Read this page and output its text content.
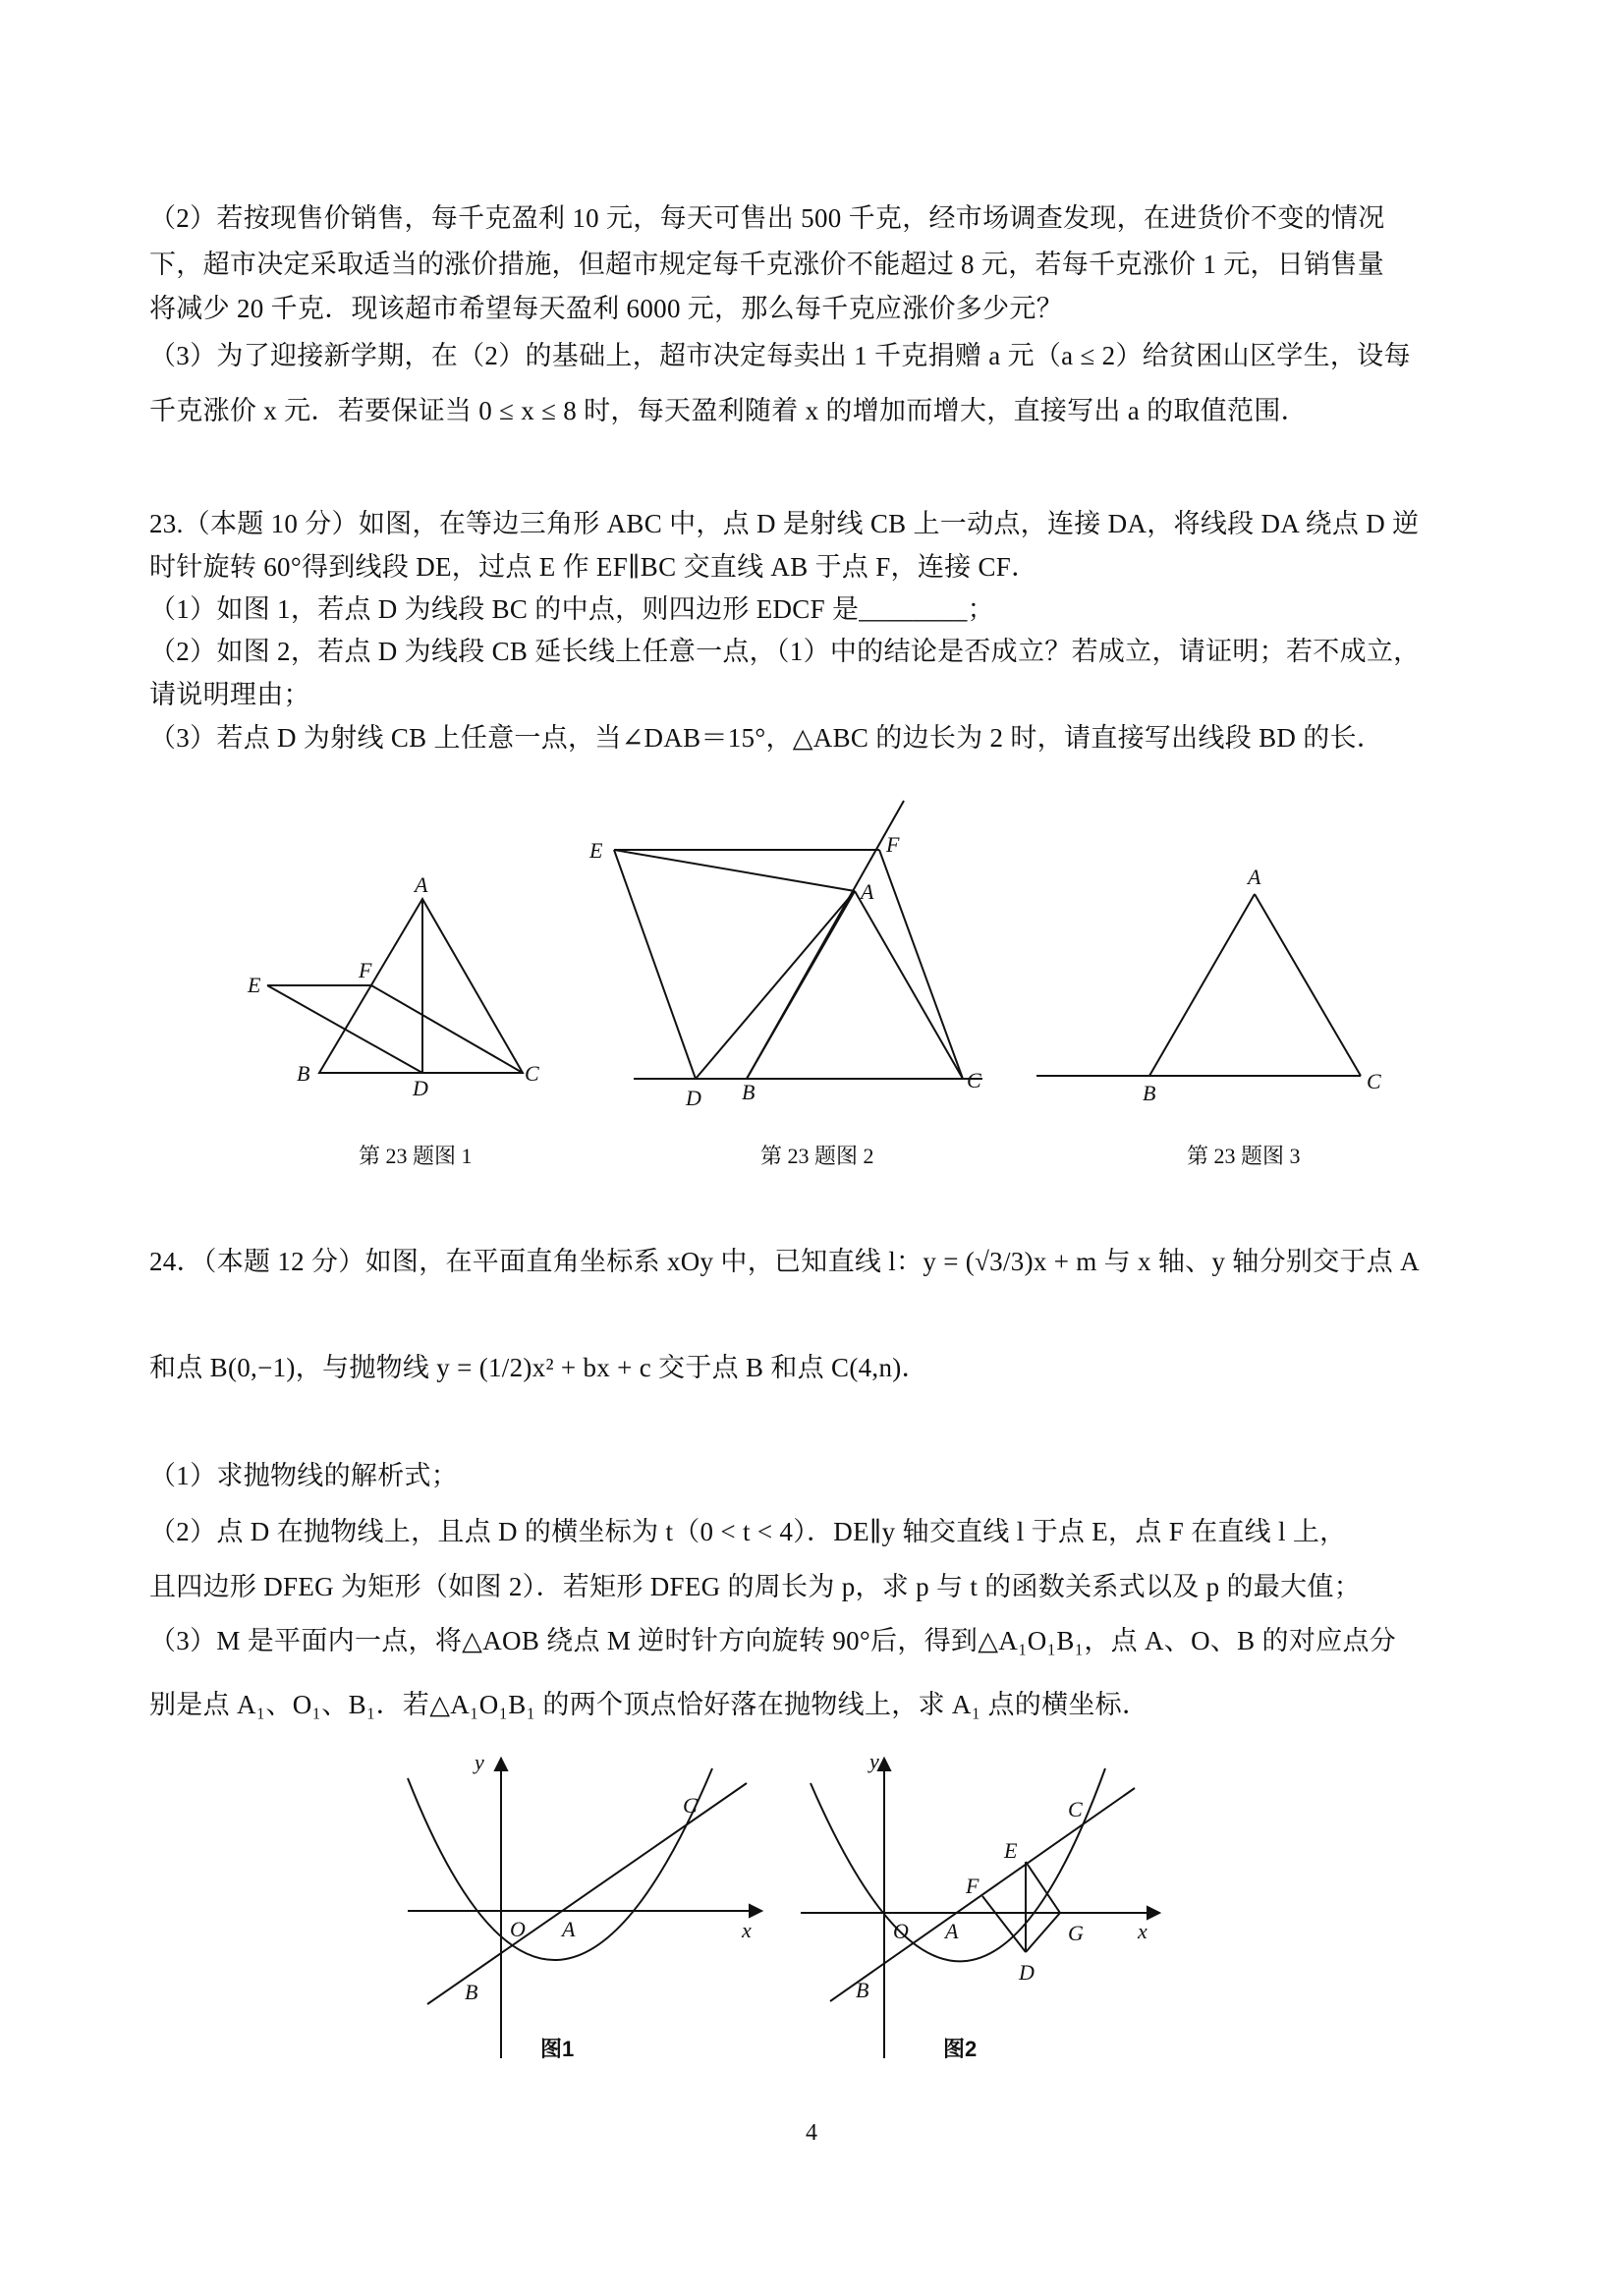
（2）若按现售价销售，每千克盈利 10 元，每天可售出 500 千克，经市场调查发现，在进货价不变的情况
下，超市决定采取适当的涨价措施，但超市规定每千克涨价不能超过 8 元，若每千克涨价 1 元，日销售量
将减少 20 千克．现该超市希望每天盈利 6000 元，那么每千克应涨价多少元？
（3）为了迎接新学期，在（2）的基础上，超市决定每卖出 1 千克捐赠 a 元（a ≤ 2）给贫困山区学生，设每
千克涨价 x 元．若要保证当 0 ≤ x ≤ 8 时，每天盈利随着 x 的增加而增大，直接写出 a 的取值范围．
23.（本题 10 分）如图，在等边三角形 ABC 中，点 D 是射线 CB 上一动点，连接 DA，将线段 DA 绕点 D 逆
时针旋转 60°得到线段 DE，过点 E 作 EF∥BC 交直线 AB 于点 F，连接 CF．
（1）如图 1，若点 D 为线段 BC 的中点，则四边形 EDCF 是________；
（2）如图 2，若点 D 为线段 CB 延长线上任意一点，（1）中的结论是否成立？若成立，请证明；若不成立，
请说明理由；
（3）若点 D 为射线 CB 上任意一点，当∠DAB＝15°，△ABC 的边长为 2 时，请直接写出线段 BD 的长．
A
E
F
B
D
C
第 23 题图 1
E	F
A
D B	C
第 23 题图 2
A
B	C
第 23 题图 3
24．（本题 12 分）如图，在平面直角坐标系 xOy 中，已知直线 l：y = (√3/3)x + m 与 x 轴、y 轴分别交于点 A
和点 B(0,−1)，与抛物线 y = (1/2)x² + bx + c 交于点 B 和点 C(4,n)．
（1）求抛物线的解析式；
（2）点 D 在抛物线上，且点 D 的横坐标为 t（0 < t < 4）．DE∥y 轴交直线 l 于点 E，点 F 在直线 l 上，
且四边形 DFEG 为矩形（如图 2）．若矩形 DFEG 的周长为 p，求 p 与 t 的函数关系式以及 p 的最大值；
（3）M 是平面内一点，将△AOB 绕点 M 逆时针方向旋转 90°后，得到△A₁O₁B₁，点 A、O、B 的对应点分
别是点 A₁、O₁、B₁．若△A₁O₁B₁ 的两个顶点恰好落在抛物线上，求 A₁ 点的横坐标．
y
x
O A
B
C
图1
y
x
O A
B
C
E
F
G
D
图2
4
